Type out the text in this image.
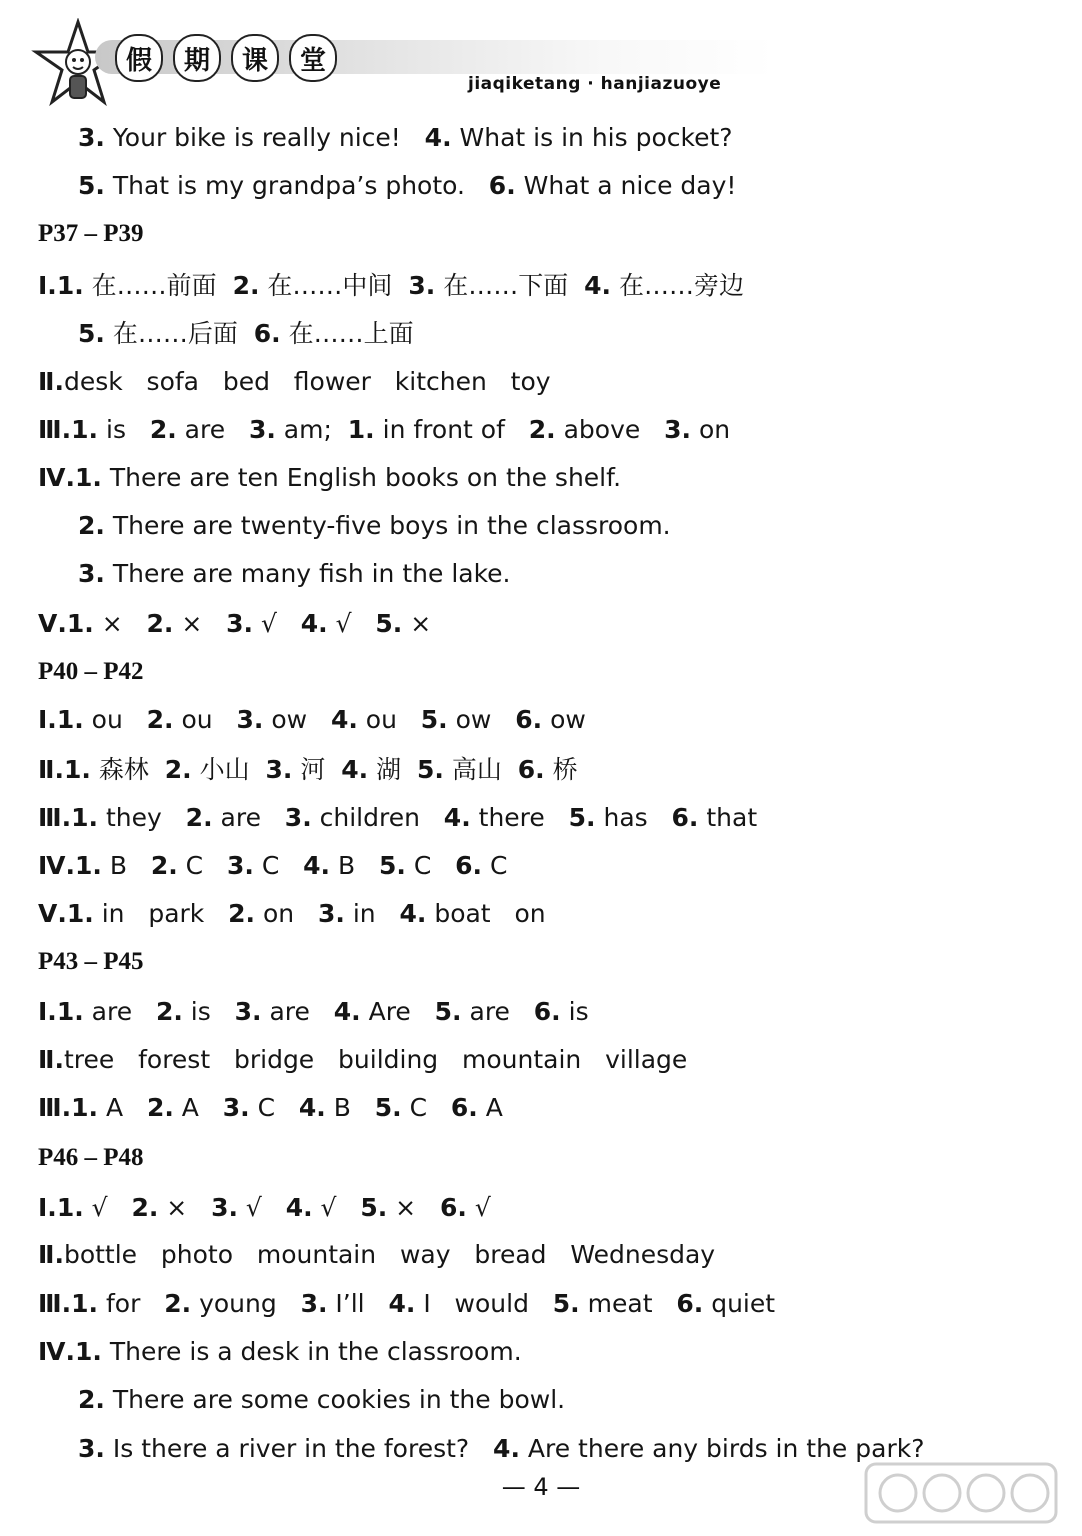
假	期	课	堂
jiaqiketang · hanjiazuoye
3. Your bike is really nice! 4. What is in his pocket?
5. That is my grandpa’s photo. 6. What a nice day!
P37 – P39
Ⅰ.1. 在……前面 2. 在……中间 3. 在……下面 4. 在……旁边
5. 在……后面 6. 在……上面
Ⅱ.desk   sofa   bed   flower   kitchen   toy
Ⅲ.1. is   2. are   3. am;  1. in front of   2. above   3. on
Ⅳ.1. There are ten English books on the shelf.
2. There are twenty-five boys in the classroom.
3. There are many fish in the lake.
Ⅴ.1. ×   2. ×   3. √   4. √   5. ×
P40 – P42
Ⅰ.1. ou   2. ou   3. ow   4. ou   5. ow   6. ow
Ⅱ.1. 森林  2. 小山  3. 河  4. 湖  5. 高山  6. 桥
Ⅲ.1. they   2. are   3. children   4. there   5. has   6. that
Ⅳ.1. B   2. C   3. C   4. B   5. C   6. C
Ⅴ.1. in   park   2. on   3. in   4. boat   on
P43 – P45
Ⅰ.1. are   2. is   3. are   4. Are   5. are   6. is
Ⅱ.tree   forest   bridge   building   mountain   village
Ⅲ.1. A   2. A   3. C   4. B   5. C   6. A
P46 – P48
Ⅰ.1. √   2. ×   3. √   4. √   5. ×   6. √
Ⅱ.bottle   photo   mountain   way   bread   Wednesday
Ⅲ.1. for   2. young   3. I’ll   4. I   would   5. meat   6. quiet
Ⅳ.1. There is a desk in the classroom.
2. There are some cookies in the bowl.
3. Is there a river in the forest? 4. Are there any birds in the park?
— 4 —
